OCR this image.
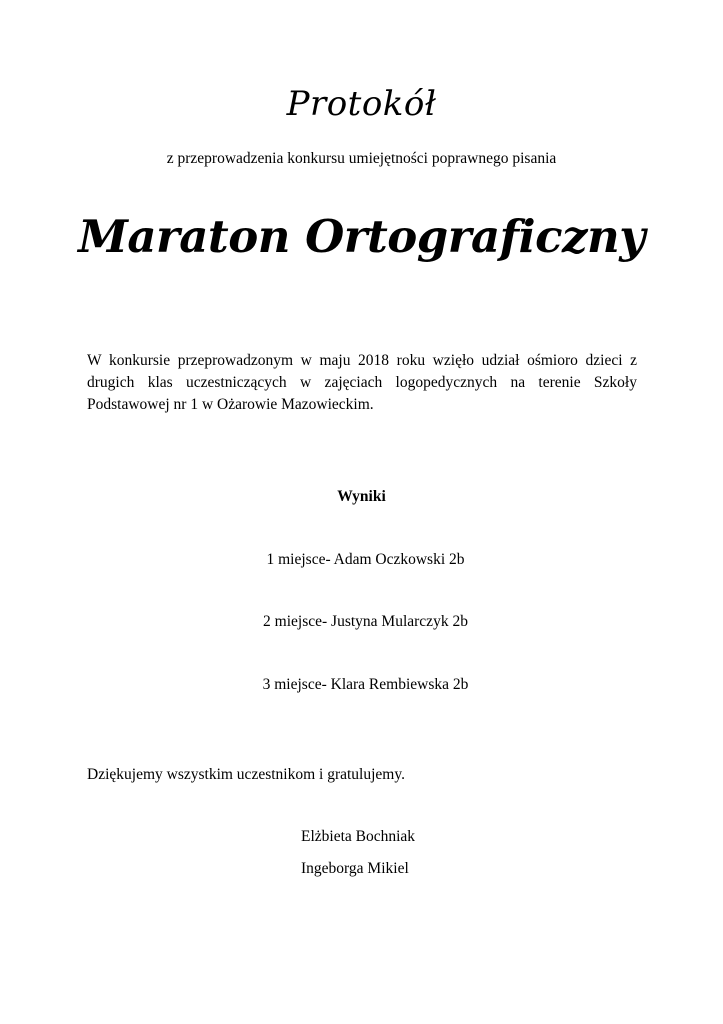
Protokół
z przeprowadzenia konkursu umiejętności poprawnego pisania
Maraton Ortograficzny
W konkursie przeprowadzonym w maju 2018 roku wzięło udział ośmioro dzieci z drugich klas uczestniczących w zajęciach logopedycznych na terenie Szkoły Podstawowej nr 1 w Ożarowie Mazowieckim.
Wyniki
1 miejsce- Adam Oczkowski 2b
2 miejsce- Justyna Mularczyk 2b
3 miejsce- Klara Rembiewska 2b
Dziękujemy wszystkim uczestnikom i gratulujemy.
Elżbieta Bochniak
Ingeborga Mikiel
